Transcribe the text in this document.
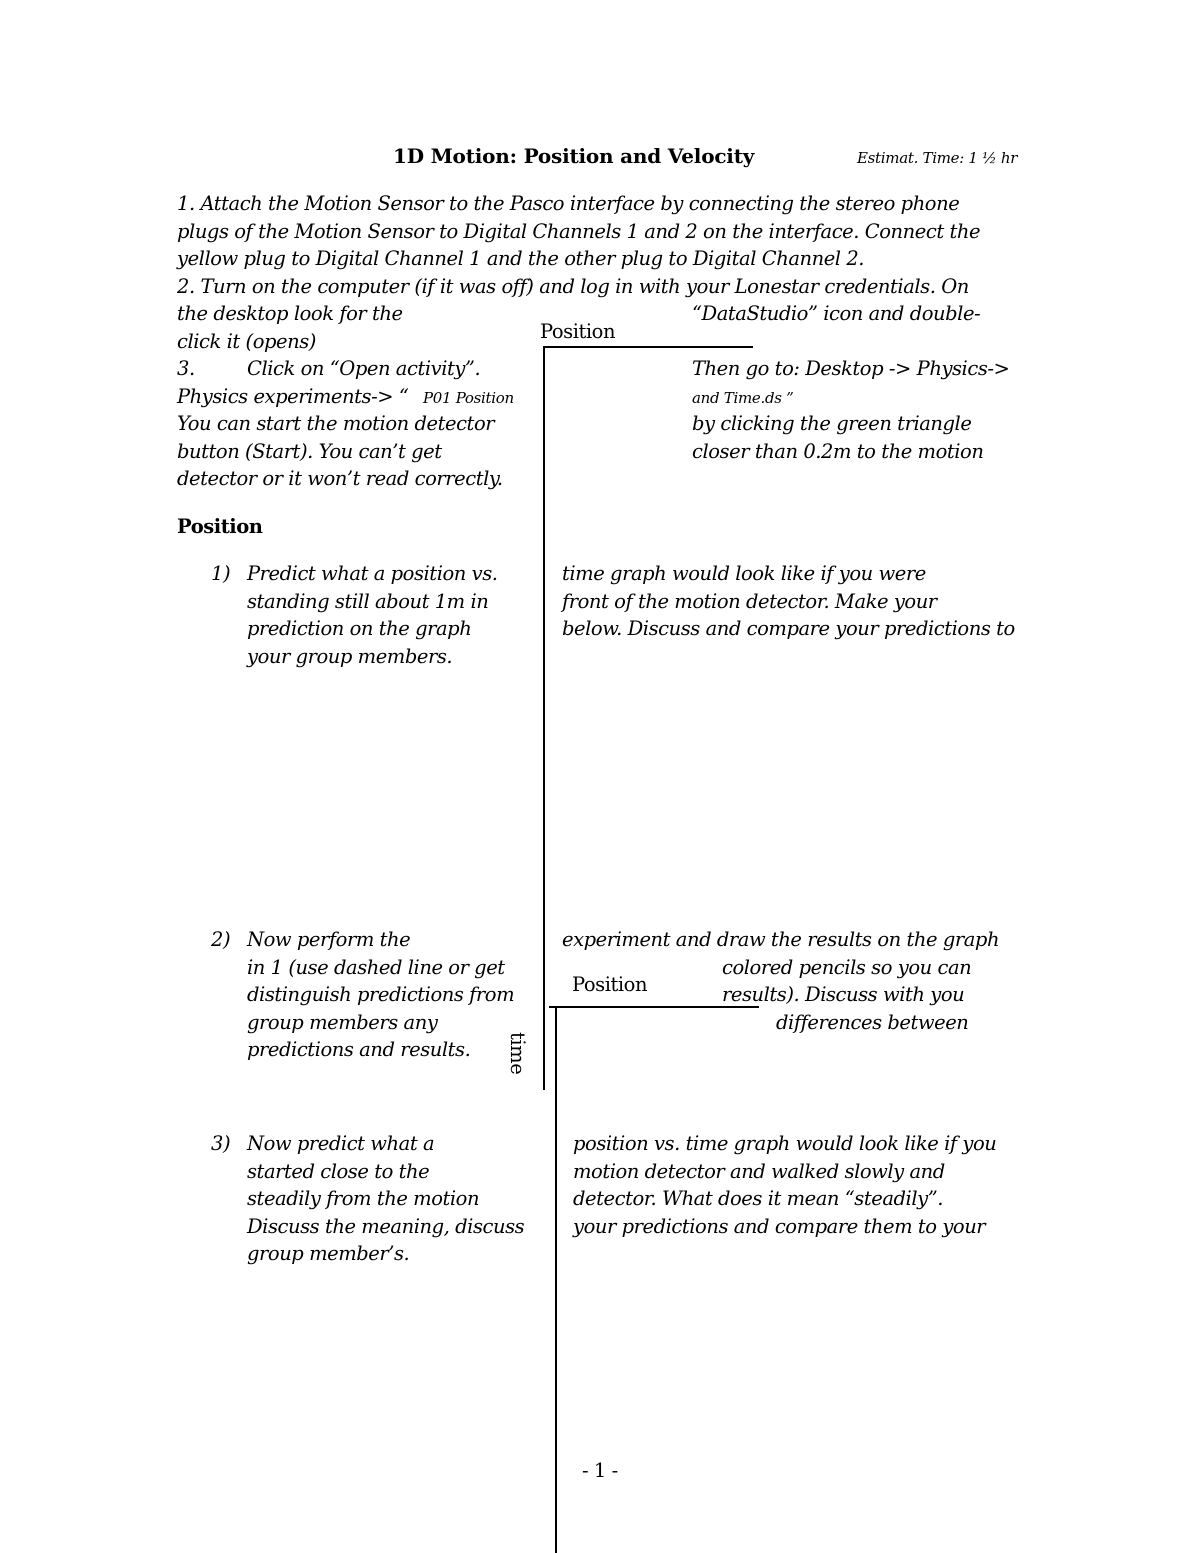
1D Motion: Position and Velocity	Estimat. Time: 1 ½ hr
1. Attach the Motion Sensor to the Pasco interface by connecting the stereo phone
plugs of the Motion Sensor to Digital Channels 1 and 2 on the interface. Connect the
yellow plug to Digital Channel 1 and the other plug to Digital Channel 2.
2. Turn on the computer (if it was off) and log in with your Lonestar credentials. On
the desktop look for the	“DataStudio” icon and double-
click it (opens)
3.	Click on “Open activity”.	Then go to: Desktop -> Physics->
Physics experiments-> “ P01 Position	and Time.ds ”
You can start the motion detector	by clicking the green triangle
button (Start). You can’t get	closer than 0.2m to the motion
detector or it won’t read correctly.
Position
1) Predict what a position vs.	time graph would look like if you were
standing still about 1m in	front of the motion detector. Make your
prediction on the graph	below. Discuss and compare your predictions to
your group members.
2) Now perform the	experiment and draw the results on the graph
in 1 (use dashed line or get	colored pencils so you can
distinguish predictions from	results). Discuss with you
group members any	differences between
predictions and results.
3) Now predict what a	position vs. time graph would look like if you
started close to the	motion detector and walked slowly and
steadily from the motion	detector. What does it mean “steadily”.
Discuss the meaning, discuss	your predictions and compare them to your
group member’s.
Position
time
Position
- 1 -
